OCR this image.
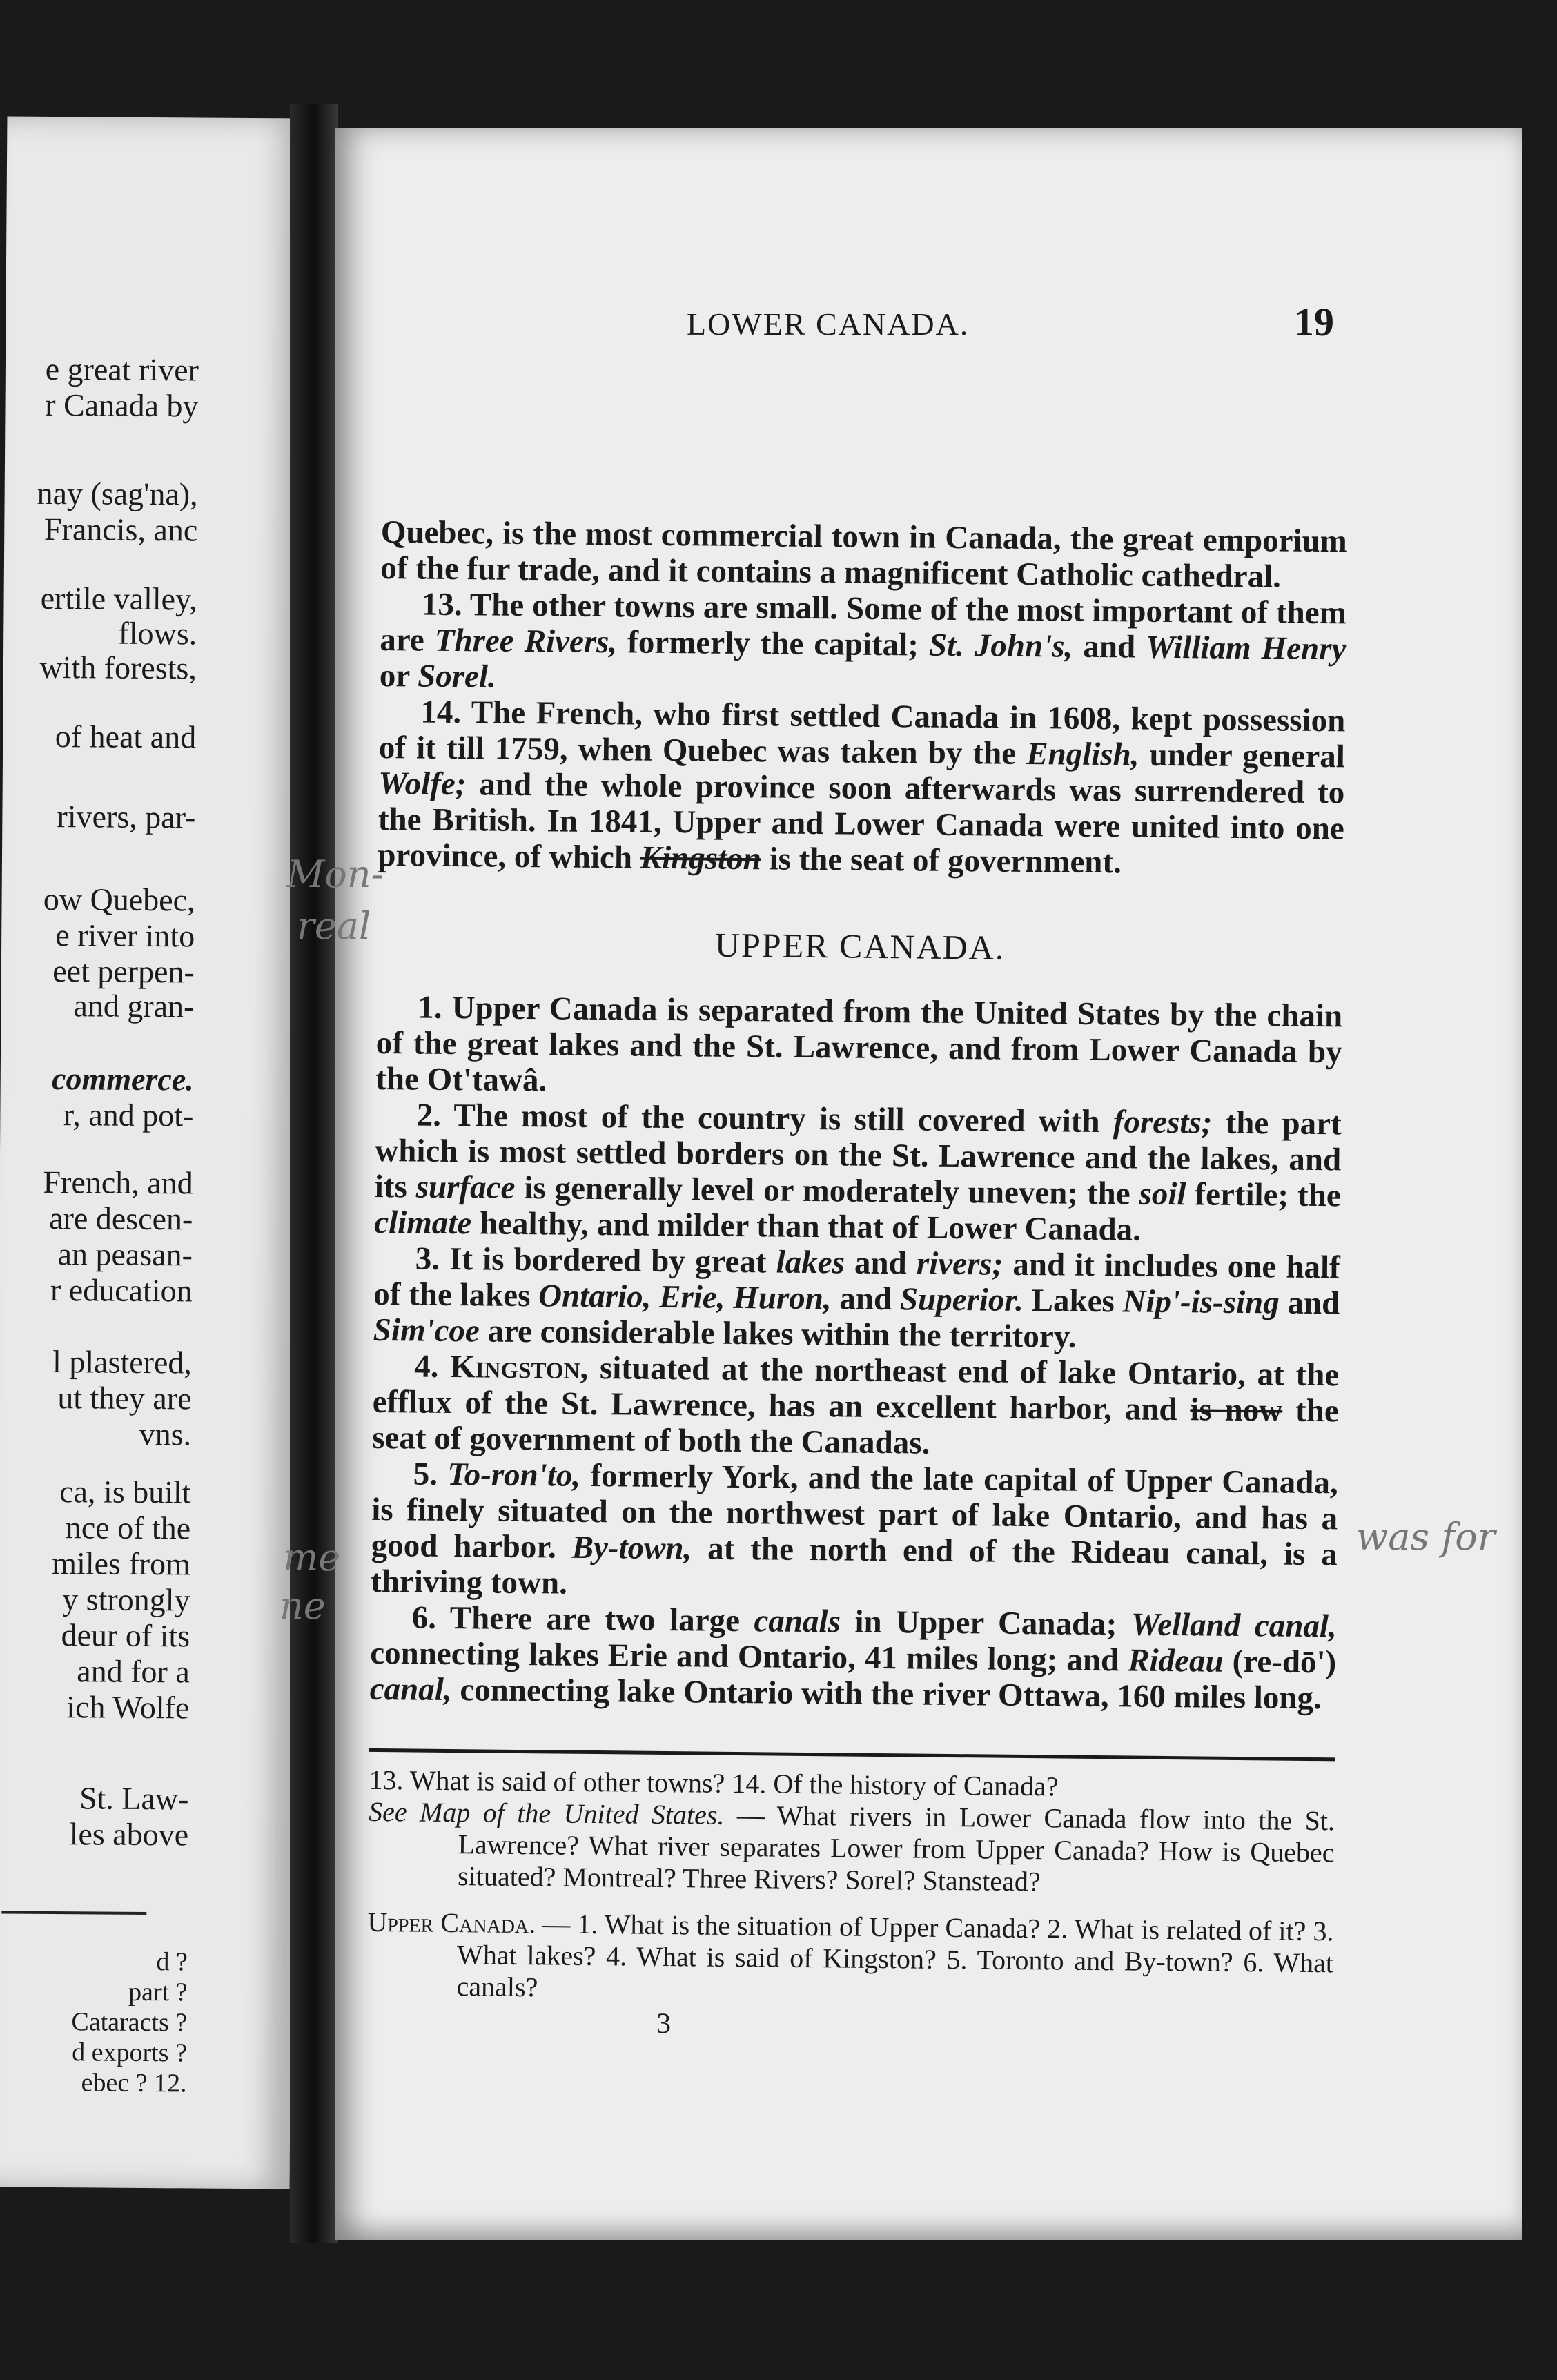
e great river
r Canada by
nay (sag'na),
Francis, anc
ertile valley,
flows.
with forests,
of heat and
rivers, par-
ow Quebec,
e river into
eet perpen-
and gran-
commerce.
r, and pot-
French, and
are descen-
an peasan-
r education
l plastered,
ut they are
vns.
ca, is built
nce of the
miles from
y strongly
deur of its
and for a
ich Wolfe
St. Law-
les above
d ?
part ?
Cataracts ?
d exports ?
ebec ? 12.
LOWER CANADA.	19

Quebec, is the most commercial town in Canada, the great emporium of the fur trade, and it contains a magnificent Catholic cathedral.

13. The other towns are small. Some of the most important of them are Three Rivers, formerly the capital; St. John's, and William Henry or Sorel.

14. The French, who first settled Canada in 1608, kept possession of it till 1759, when Quebec was taken by the English, under general Wolfe; and the whole province soon afterwards was surrendered to the British. In 1841, Upper and Lower Canada were united into one province, of which Kingston is the seat of government.

UPPER CANADA.

1. Upper Canada is separated from the United States by the chain of the great lakes and the St. Lawrence, and from Lower Canada by the Ot'tawâ.

2. The most of the country is still covered with forests; the part which is most settled borders on the St. Lawrence and the lakes, and its surface is generally level or moderately uneven; the soil fertile; the climate healthy, and milder than that of Lower Canada.

3. It is bordered by great lakes and rivers; and it includes one half of the lakes Ontario, Erie, Huron, and Superior. Lakes Nip'-is-sing and Sim'coe are considerable lakes within the territory.

4. Kingston, situated at the northeast end of lake Ontario, at the efflux of the St. Lawrence, has an excellent harbor, and is now the seat of government of both the Canadas.

5. To-ron'to, formerly York, and the late capital of Upper Canada, is finely situated on the northwest part of lake Ontario, and has a good harbor. By-town, at the north end of the Rideau canal, is a thriving town.

6. There are two large canals in Upper Canada; Welland canal, connecting lakes Erie and Ontario, 41 miles long; and Rideau (re-dō') canal, connecting lake Ontario with the river Ottawa, 160 miles long.

13. What is said of other towns? 14. Of the history of Canada?

See Map of the United States. — What rivers in Lower Canada flow into the St. Lawrence? What river separates Lower from Upper Canada? How is Quebec situated? Montreal? Three Rivers? Sorel? Stanstead?

Upper Canada. — 1. What is the situation of Upper Canada? 2. What is related of it? 3. What lakes? 4. What is said of Kingston? 5. Toronto and By-town? 6. What canals?

3
Mon-
real
me
ne
was for
